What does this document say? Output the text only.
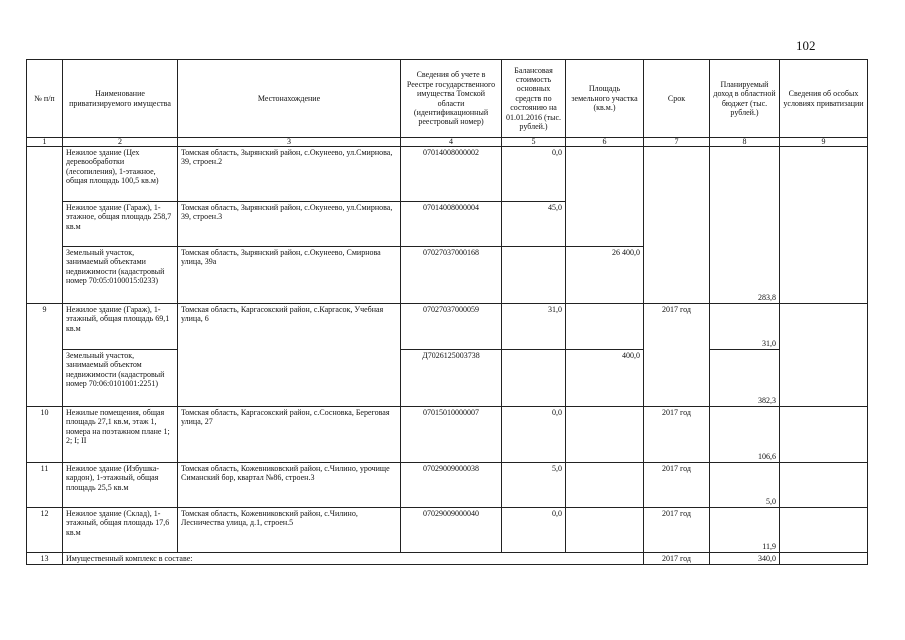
102
№ п/п	Наименование приватизируемого имущества	Местонахождение	Сведения об учете в Реестре государственного имущества Томской области (идентификационный реестровый номер)	Балансовая стоимость основных средств по состоянию на 01.01.2016 (тыс. рублей.)	Площадь земельного участка (кв.м.)	Срок	Планируемый доход в областной бюджет (тыс. рублей.)	Сведения об особых условиях приватизации
1	2	3	4	5	6	7	8	9
	Нежилое здание (Цех деревообработки (лесопиления), 1-этажное, общая площадь 100,5 кв.м)	Томская область, Зырянский район, с.Окунеево, ул.Смирнова, 39, строен.2	07014008000002	0,0			283,8	
	Нежилое здание (Гараж), 1-этажное, общая площадь 258,7 кв.м	Томская область, Зырянский район, с.Окунеево, ул.Смирнова, 39, строен.3	07014008000004	45,0				
	Земельный участок, занимаемый объектами недвижимости (кадастровый номер 70:05:0100015:0233)	Томская область, Зырянский район, с.Окунеево, Смирнова улица, 39а	07027037000168		26 400,0			
9	Нежилое здание (Гараж), 1-этажный, общая площадь 69,1 кв.м	Томская область, Каргасокский район, с.Каргасок, Учебная улица, 6	07027037000059	31,0		2017 год	31,0	
	Земельный участок, занимаемый объектом недвижимости (кадастровый номер 70:06:0101001:2251)		Д7026125003738		400,0		382,3	
10	Нежилые помещения, общая площадь 27,1 кв.м, этаж 1, номера на поэтажном плане 1; 2; I; II	Томская область, Каргасокский район, с.Сосновка, Береговая улица, 27	07015010000007	0,0		2017 год	106,6	
11	Нежилое здание (Избушка-кардон), 1-этажный, общая площадь 25,5 кв.м	Томская область, Кожевниковский район, с.Чилино, урочище Симанский бор, квартал №86, строен.3	07029009000038	5,0		2017 год	5,0	
12	Нежилое здание (Склад), 1-этажный, общая площадь 17,6 кв.м	Томская область, Кожевниковский район, с.Чилино, Лесничества улица, д.1, строен.5	07029009000040	0,0		2017 год	11,9	
13	Имущественный комплекс в составе:					2017 год	340,0	
